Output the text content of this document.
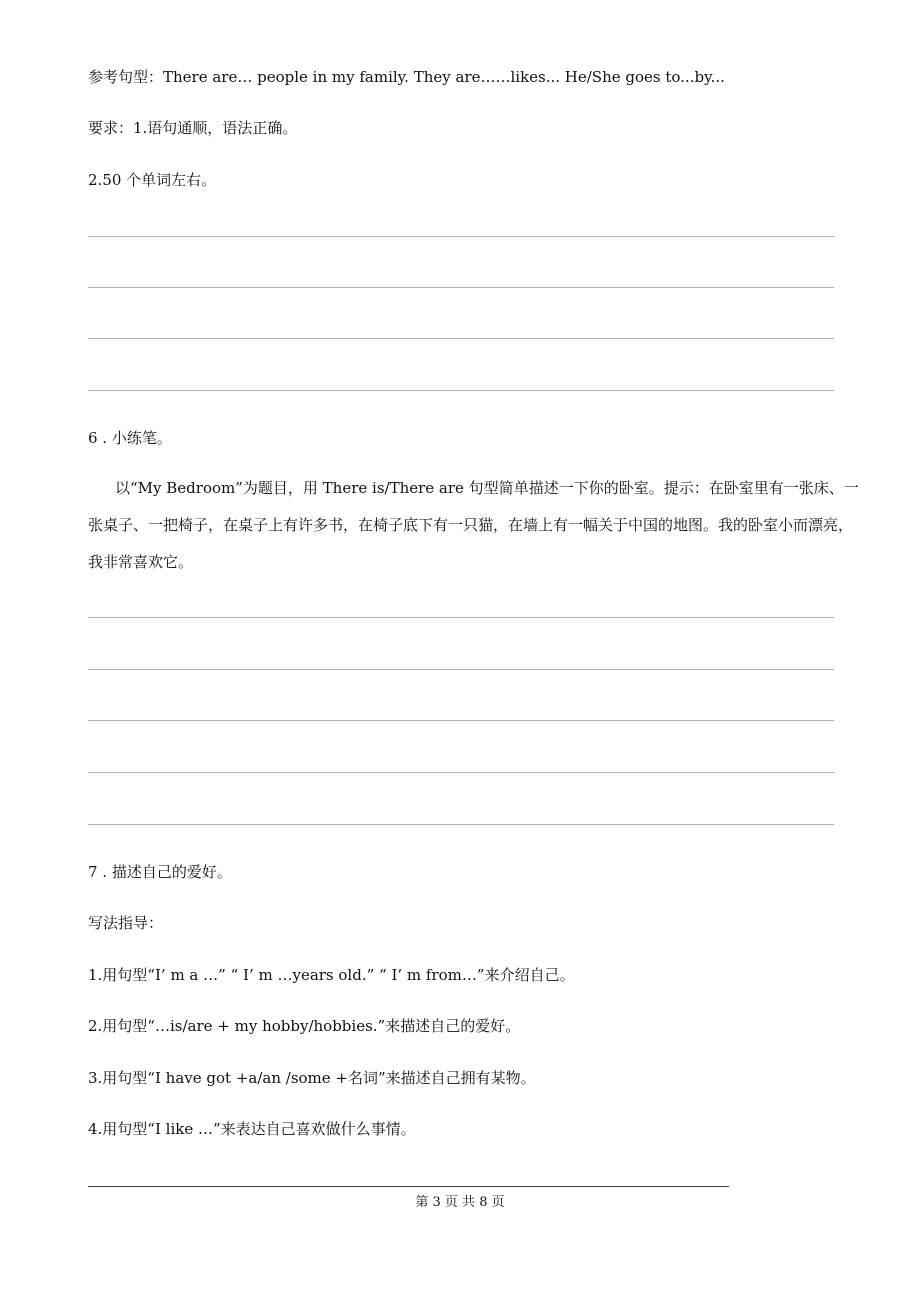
参考句型：There are… people in my family. They are……likes... He/She goes to...by...
要求：1.语句通顺，语法正确。
2.50 个单词左右。
6 . 小练笔。
以“My Bedroom”为题目，用 There is/There are 句型简单描述一下你的卧室。提示：在卧室里有一张床、一张桌子、一把椅子，在桌子上有许多书，在椅子底下有一只猫，在墙上有一幅关于中国的地图。我的卧室小而漂亮，我非常喜欢它。
7 . 描述自己的爱好。
写法指导：
1.用句型“I’ m a …” “ I’ m …years old.” “ I’ m from…”来介绍自己。
2.用句型“…is/are + my hobby/hobbies.”来描述自己的爱好。
3.用句型“I have got +a/an /some +名词”来描述自己拥有某物。
4.用句型“I like …”来表达自己喜欢做什么事情。
第 3 页 共 8 页
